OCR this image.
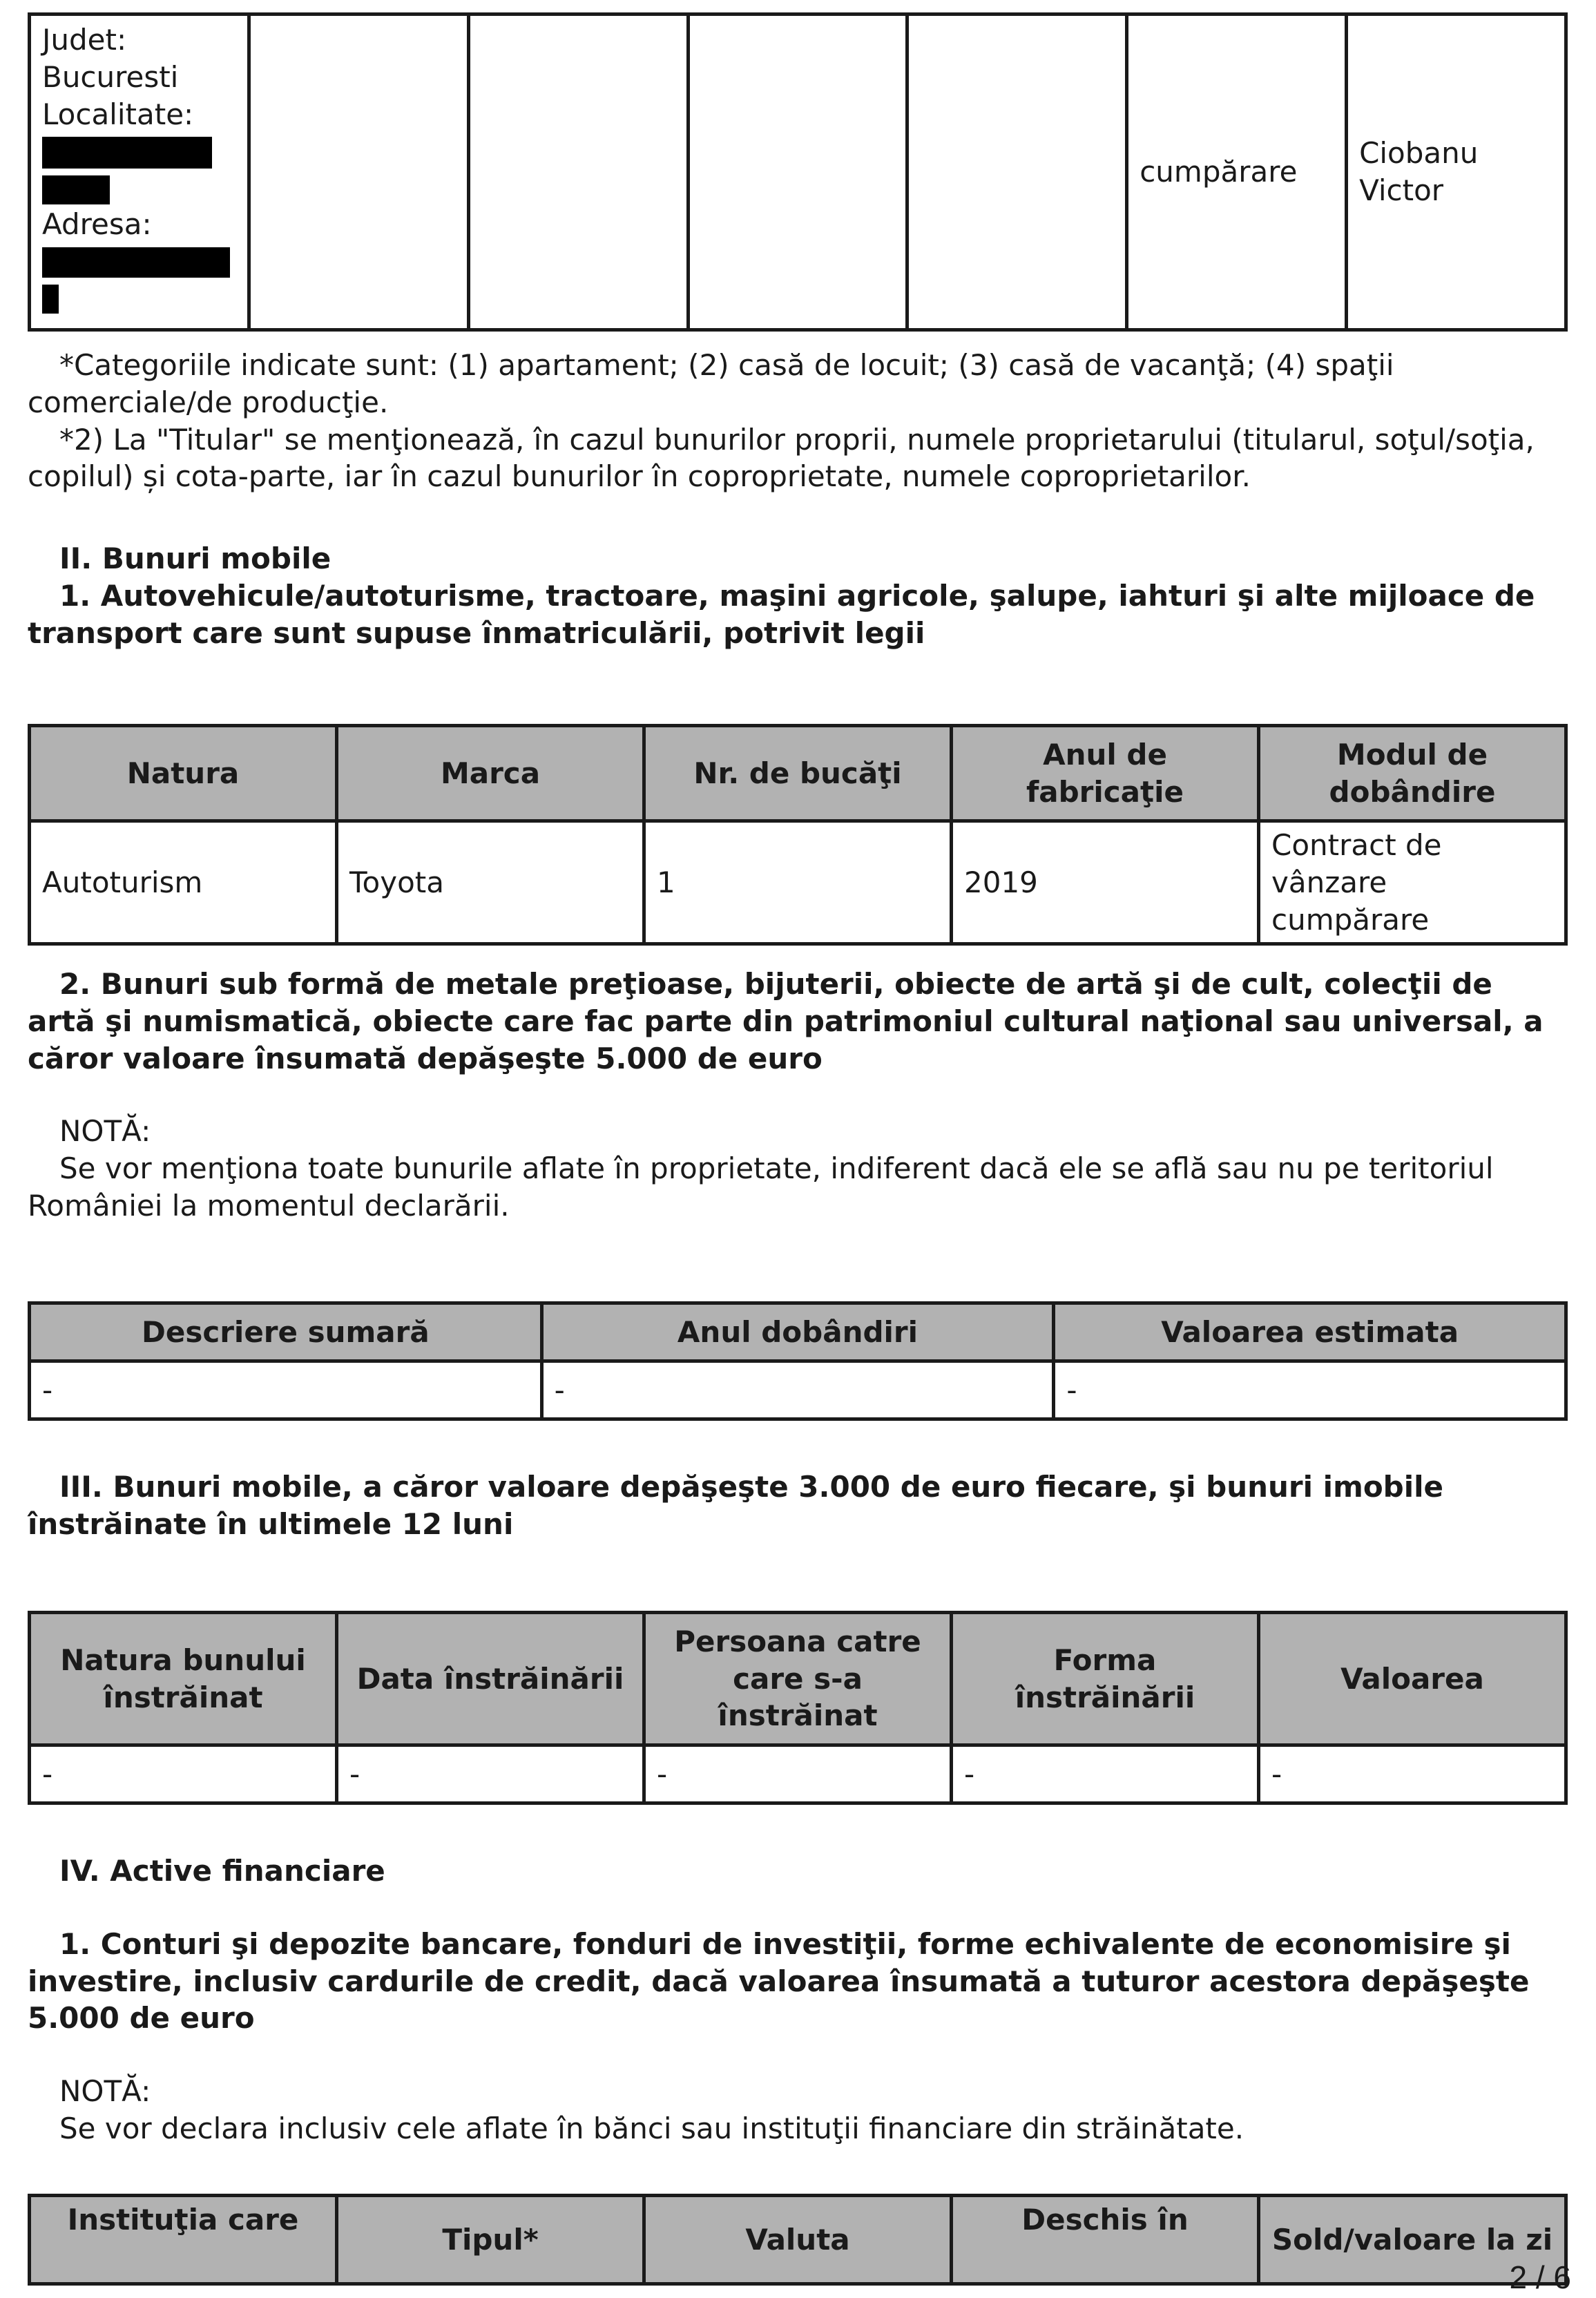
Judet:
Bucuresti
Localitate:
Adresa:
					cumpărare	Ciobanu Victor

*Categoriile indicate sunt: (1) apartament; (2) casă de locuit; (3) casă de vacanţă; (4) spaţii comerciale/de producţie.

*2) La "Titular" se menţionează, în cazul bunurilor proprii, numele proprietarului (titularul, soţul/soţia, copilul) și cota-parte, iar în cazul bunurilor în coproprietate, numele coproprietarilor.

II. Bunuri mobile

1. Autovehicule/autoturisme, tractoare, maşini agricole, şalupe, iahturi şi alte mijloace de transport care sunt supuse înmatriculării, potrivit legii

Natura	Marca	Nr. de bucăţi	Anul de fabricaţie	Modul de dobândire
Autoturism	Toyota	1	2019	Contract de vânzare cumpărare

2. Bunuri sub formă de metale preţioase, bijuterii, obiecte de artă şi de cult, colecţii de artă şi numismatică, obiecte care fac parte din patrimoniul cultural naţional sau universal, a căror valoare însumată depăşeşte 5.000 de euro

NOTĂ:

Se vor menţiona toate bunurile aflate în proprietate, indiferent dacă ele se află sau nu pe teritoriul României la momentul declarării.

Descriere sumară	Anul dobândiri	Valoarea estimata
-	-	-

III. Bunuri mobile, a căror valoare depăşeşte 3.000 de euro fiecare, şi bunuri imobile înstrăinate în ultimele 12 luni

Natura bunului înstrăinat	Data înstrăinării	Persoana catre care s-a înstrăinat	Forma înstrăinării	Valoarea
-	-	-	-	-

IV. Active financiare

1. Conturi şi depozite bancare, fonduri de investiţii, forme echivalente de economisire şi investire, inclusiv cardurile de credit, dacă valoarea însumată a tuturor acestora depăşeşte 5.000 de euro

NOTĂ:

Se vor declara inclusiv cele aflate în bănci sau instituţii financiare din străinătate.

Instituţia care	Tipul*	Valuta	Deschis în	Sold/valoare la zi
2 / 6
